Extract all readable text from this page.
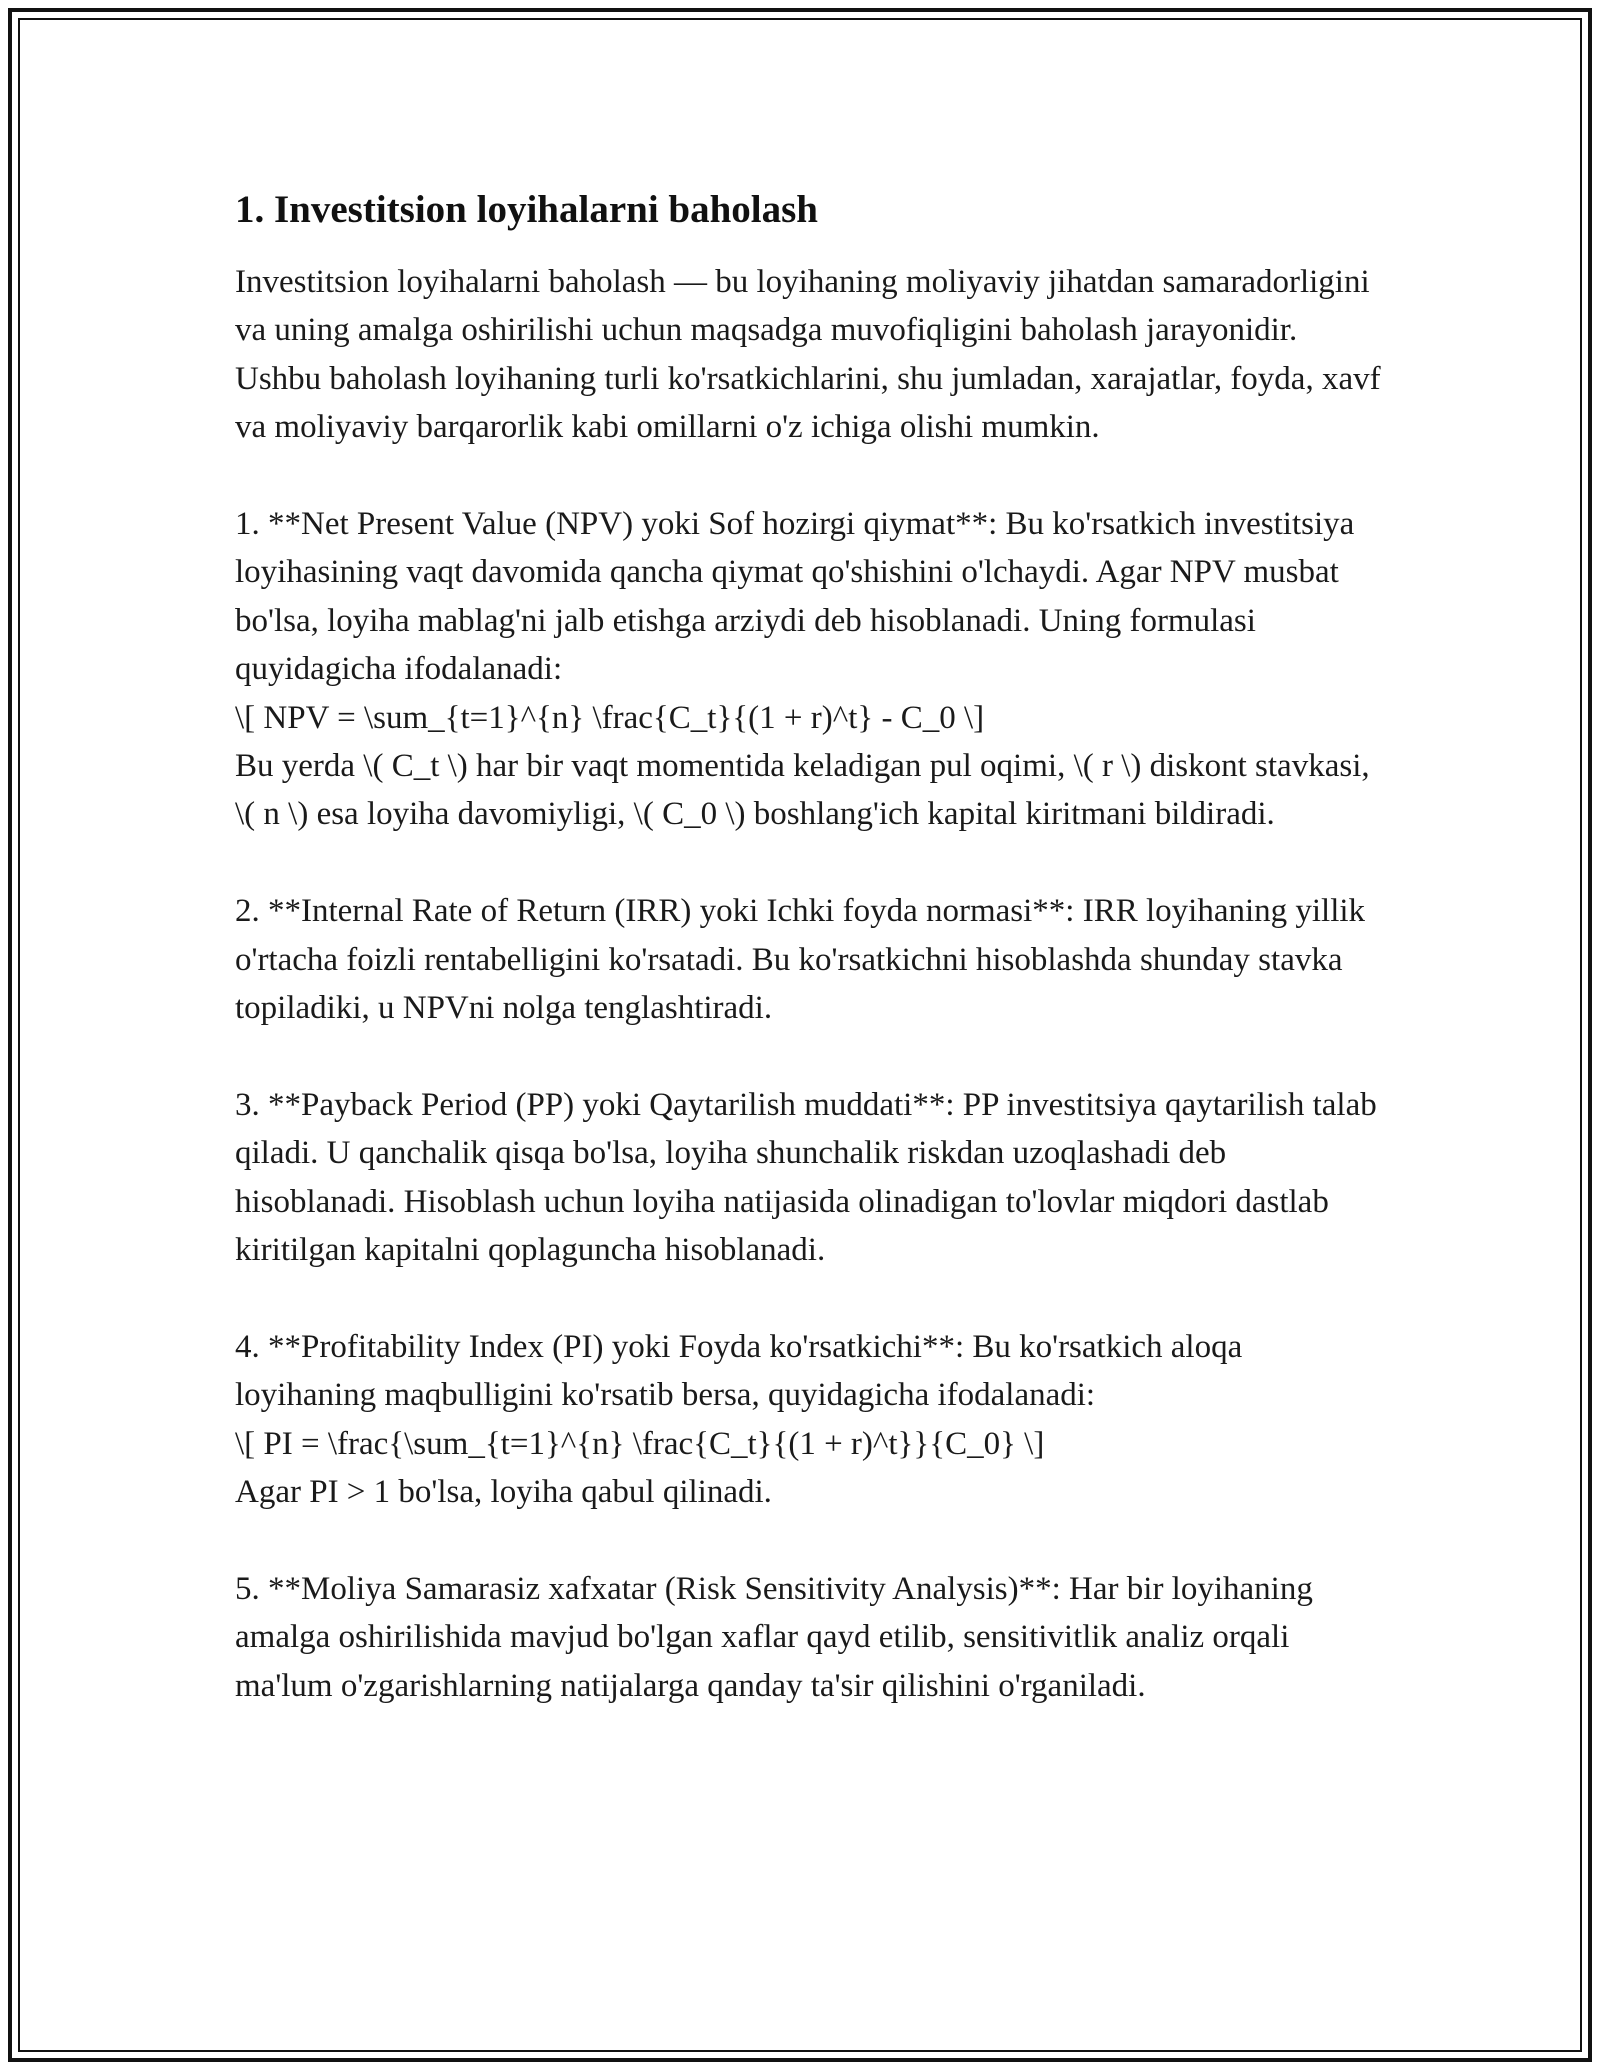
1. Investitsion loyihalarni baholash

Investitsion loyihalarni baholash — bu loyihaning moliyaviy jihatdan samaradorligini va uning amalga oshirilishi uchun maqsadga muvofiqligini baholash jarayonidir. Ushbu baholash loyihaning turli ko'rsatkichlarini, shu jumladan, xarajatlar, foyda, xavf va moliyaviy barqarorlik kabi omillarni o'z ichiga olishi mumkin.

1. **Net Present Value (NPV) yoki Sof hozirgi qiymat**: Bu ko'rsatkich investitsiya loyihasining vaqt davomida qancha qiymat qo'shishini o'lchaydi. Agar NPV musbat bo'lsa, loyiha mablag'ni jalb etishga arziydi deb hisoblanadi. Uning formulasi quyidagicha ifodalanadi:
\[ NPV = \sum_{t=1}^{n} \frac{C_t}{(1 + r)^t} - C_0 \]
Bu yerda \( C_t \) har bir vaqt momentida keladigan pul oqimi, \( r \) diskont stavkasi, \( n \) esa loyiha davomiyligi, \( C_0 \) boshlang'ich kapital kiritmani bildiradi.

2. **Internal Rate of Return (IRR) yoki Ichki foyda normasi**: IRR loyihaning yillik o'rtacha foizli rentabelligini ko'rsatadi. Bu ko'rsatkichni hisoblashda shunday stavka topiladiki, u NPVni nolga tenglashtiradi.

3. **Payback Period (PP) yoki Qaytarilish muddati**: PP investitsiya qaytarilish talab qiladi. U qanchalik qisqa bo'lsa, loyiha shunchalik riskdan uzoqlashadi deb hisoblanadi. Hisoblash uchun loyiha natijasida olinadigan to'lovlar miqdori dastlab kiritilgan kapitalni qoplaguncha hisoblanadi.

4. **Profitability Index (PI) yoki Foyda ko'rsatkichi**: Bu ko'rsatkich aloqa loyihaning maqbulligini ko'rsatib bersa, quyidagicha ifodalanadi:
\[ PI = \frac{\sum_{t=1}^{n} \frac{C_t}{(1 + r)^t}}{C_0} \]
Agar PI > 1 bo'lsa, loyiha qabul qilinadi.

5. **Moliya Samarasiz xafxatar (Risk Sensitivity Analysis)**: Har bir loyihaning amalga oshirilishida mavjud bo'lgan xaflar qayd etilib, sensitivitlik analiz orqali ma'lum o'zgarishlarning natijalarga qanday ta'sir qilishini o'rganiladi.
